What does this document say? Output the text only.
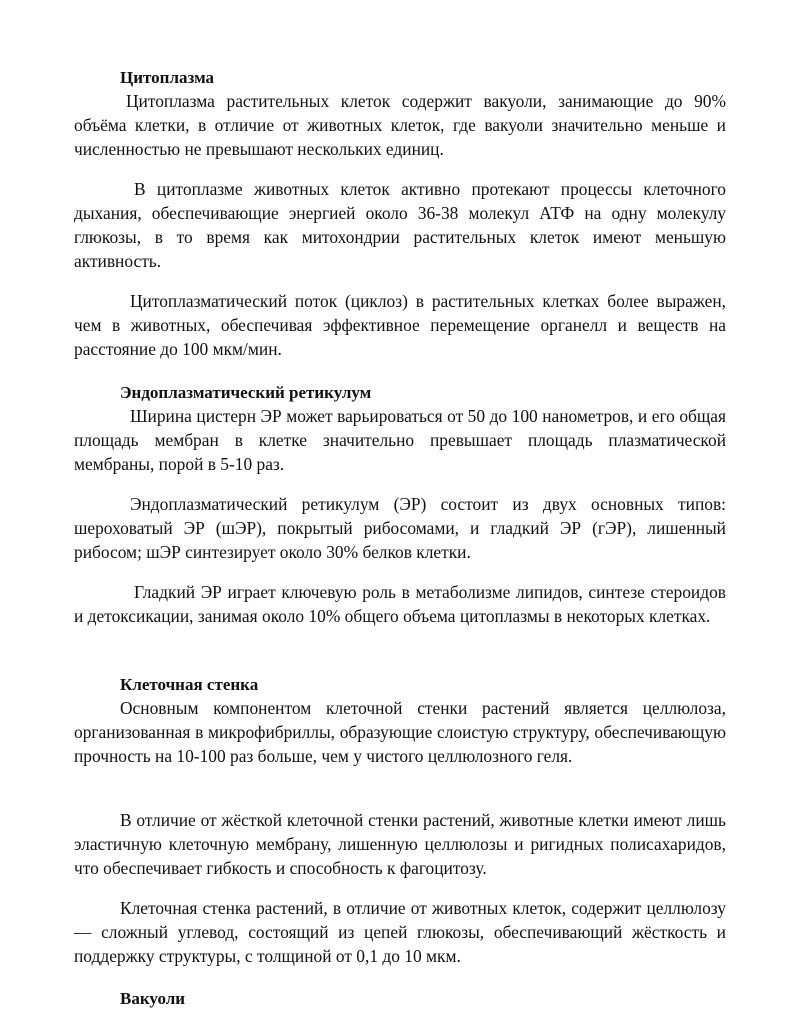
Цитоплазма
Цитоплазма растительных клеток содержит вакуоли, занимающие до 90% объёма клетки, в отличие от животных клеток, где вакуоли значительно меньше и численностью не превышают нескольких единиц.
В цитоплазме животных клеток активно протекают процессы клеточного дыхания, обеспечивающие энергией около 36-38 молекул АТФ на одну молекулу глюкозы, в то время как митохондрии растительных клеток имеют меньшую активность.
Цитоплазматический поток (циклоз) в растительных клетках более выражен, чем в животных, обеспечивая эффективное перемещение органелл и веществ на расстояние до 100 мкм/мин.
Эндоплазматический ретикулум
Ширина цистерн ЭР может варьироваться от 50 до 100 нанометров, и его общая площадь мембран в клетке значительно превышает площадь плазматической мембраны, порой в 5-10 раз.
Эндоплазматический ретикулум (ЭР) состоит из двух основных типов: шероховатый ЭР (шЭР), покрытый рибосомами, и гладкий ЭР (гЭР), лишенный рибосом; шЭР синтезирует около 30% белков клетки.
Гладкий ЭР играет ключевую роль в метаболизме липидов, синтезе стероидов и детоксикации, занимая около 10% общего объема цитоплазмы в некоторых клетках.
Клеточная стенка
Основным компонентом клеточной стенки растений является целлюлоза, организованная в микрофибриллы, образующие слоистую структуру, обеспечивающую прочность на 10-100 раз больше, чем у чистого целлюлозного геля.
В отличие от жёсткой клеточной стенки растений, животные клетки имеют лишь эластичную клеточную мембрану, лишенную целлюлозы и ригидных полисахаридов, что обеспечивает гибкость и способность к фагоцитозу.
Клеточная стенка растений, в отличие от животных клеток, содержит целлюлозу — сложный углевод, состоящий из цепей глюкозы, обеспечивающий жёсткость и поддержку структуры, с толщиной от 0,1 до 10 мкм.
Вакуоли
